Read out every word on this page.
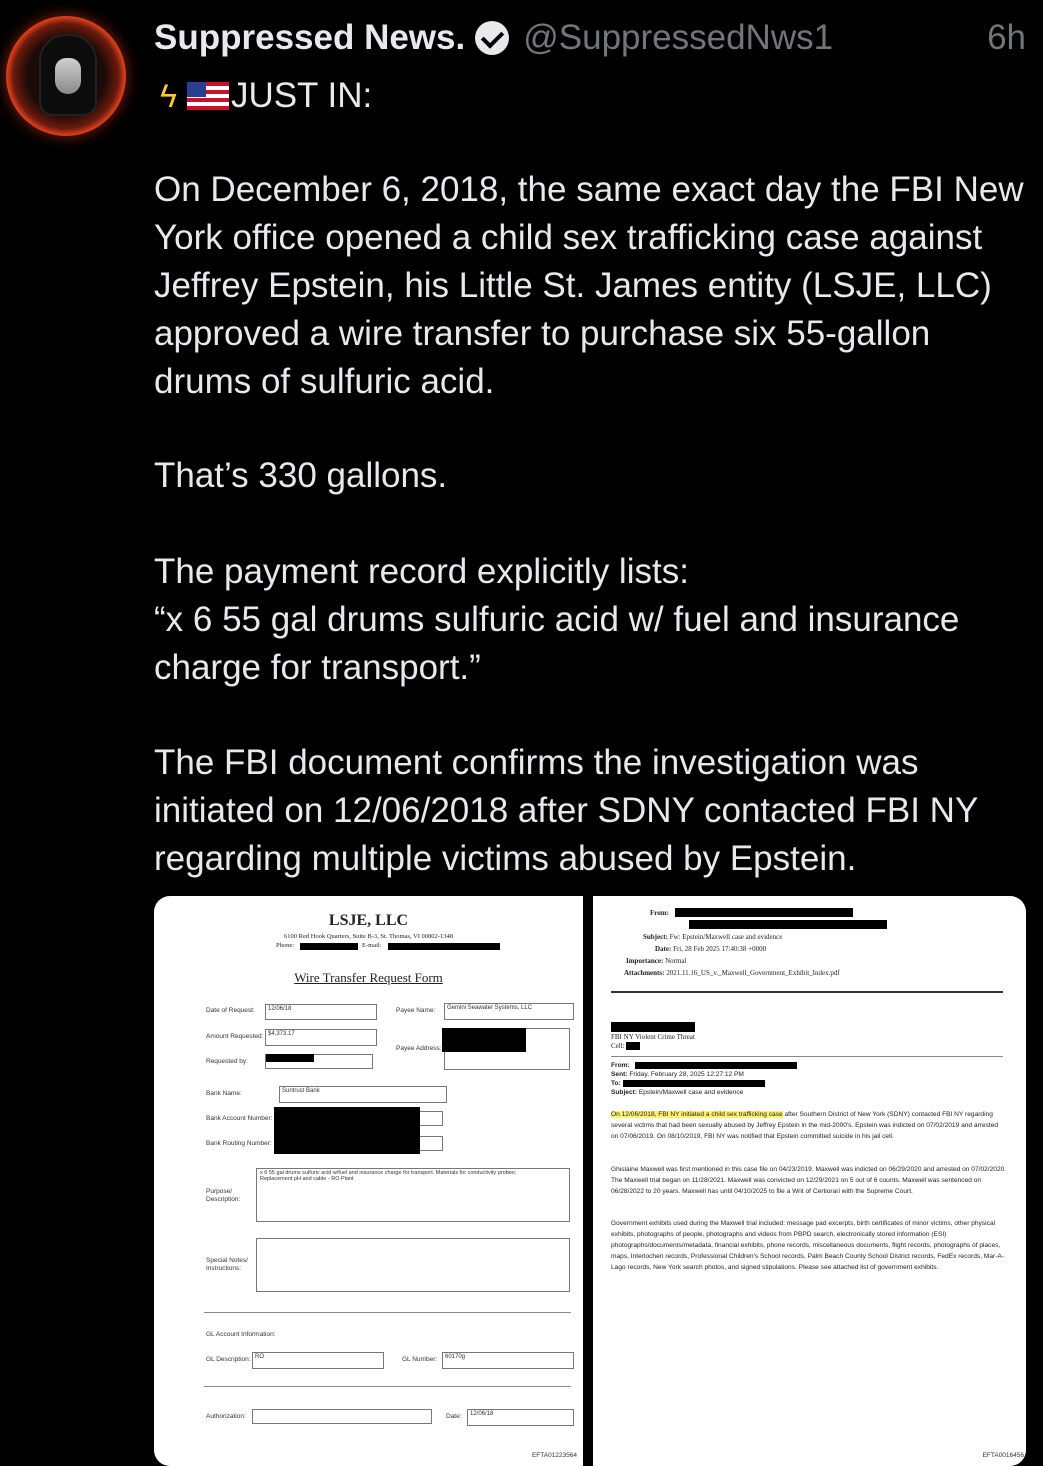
Suppressed News. @SuppressedNws1	6h
ϟ JUST IN:

On December 6, 2018, the same exact day the FBI New York office opened a child sex trafficking case against Jeffrey Epstein, his Little St. James entity (LSJE, LLC) approved a wire transfer to purchase six 55-gallon drums of sulfuric acid.

That’s 330 gallons.

The payment record explicitly lists:
“x 6 55 gal drums sulfuric acid w/ fuel and insurance charge for transport.”

The FBI document confirms the investigation was initiated on 12/06/2018 after SDNY contacted FBI NY regarding multiple victims abused by Epstein.

LSJE, LLC
6100 Red Hook Quarters, Suite B-3, St. Thomas, VI 00802-1348
Phone:	E-mail:
Wire Transfer Request Form
Date of Request:	12/06/18	Payee Name:	Gemini Seawater Systems, LLC
Amount Requested: $4,373.17
Requested by:
Payee Address:
Bank Name:	Suntrust Bank
Bank Account Number:
Bank Routing Number:
x 6 55 gal drums sulfuric acid w/fuel and insurance charge for transport. Materials for conductivity probes;
Replacement pH and cable - RO Plant
Purpose/ Description:
Special Notes/ Instructions:
GL Account Information:
GL Description: RO	GL Number:	60170g
Authorization:	Date:	12/06/18
EFTA01223564
From:
Subject: Fw: Epstein/Maxwell case and evidence
Date: Fri, 28 Feb 2025 17:40:38 +0000
Importance: Normal
Attachments: 2021.11.16_US_v._Maxwell_Government_Exhibit_Index.pdf
FBI NY Violent Crime Threat
Cell:
From:
Sent: Friday, February 28, 2025 12:27:12 PM
To:
Subject: Epstein/Maxwell case and evidence
On 12/06/2018, FBI NY initiated a child sex trafficking case after Southern District of New York (SDNY) contacted FBI NY regarding several victims that had been sexually abused by Jeffrey Epstein in the mid-2000's. Epstein was indicted on 07/02/2019 and arrested on 07/06/2019. On 08/10/2019, FBI NY was notified that Epstein committed suicide in his jail cell.
Ghislaine Maxwell was first mentioned in this case file on 04/23/2019. Maxwell was indicted on 06/29/2020 and arrested on 07/02/2020. The Maxwell trial began on 11/28/2021. Maxwell was convicted on 12/29/2021 on 5 out of 6 counts. Maxwell was sentenced on 06/28/2022 to 20 years. Maxwell has until 04/10/2025 to file a Writ of Certiorari with the Supreme Court.
Government exhibits used during the Maxwell trial included: message pad excerpts, birth certificates of minor victims, other physical exhibits, photographs of people, photographs and videos from PBPD search, electronically stored information (ESI) photographs/documents/metadata, financial exhibits, phone records, miscellaneous documents, flight records, photographs of places, maps, Interlochen records, Professional Children's School records, Palm Beach County School District records, FedEx records, Mar-A-Lago records, New York search photos, and signed stipulations. Please see attached list of government exhibits.
EFTA0016456
